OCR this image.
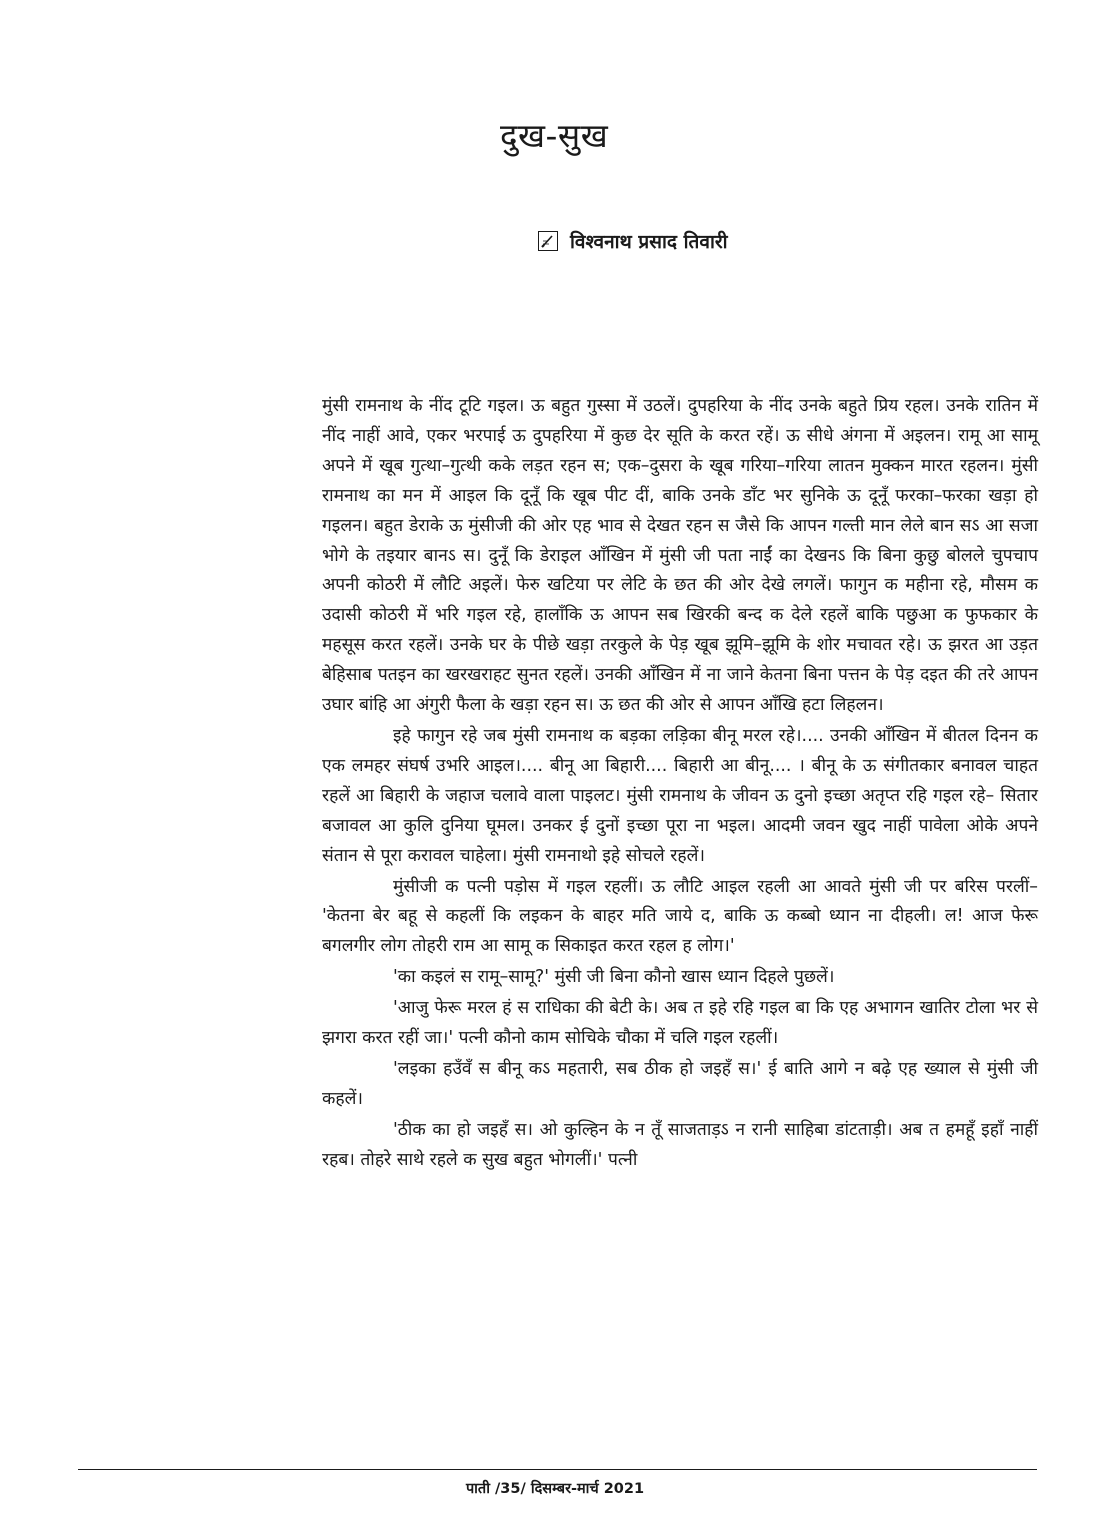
दुख-सुख
विश्वनाथ प्रसाद तिवारी

मुंसी रामनाथ के नींद टूटि गइल। ऊ बहुत गुस्सा में उठलें। दुपहरिया के नींद उनके बहुते प्रिय रहल। उनके रातिन में नींद नाहीं आवे, एकर भरपाई ऊ दुपहरिया में कुछ देर सूति के करत रहें। ऊ सीधे अंगना में अइलन। रामू आ सामू अपने में खूब गुत्था–गुत्थी कके लड़त रहन स; एक–दुसरा के खूब गरिया–गरिया लातन मुक्कन मारत रहलन। मुंसी रामनाथ का मन में आइल कि दूनूँ कि खूब पीट दीं, बाकि उनके डाँट भर सुनिके ऊ दूनूँ फरका–फरका खड़ा हो गइलन। बहुत डेराके ऊ मुंसीजी की ओर एह भाव से देखत रहन स जैसे कि आपन गल्ती मान लेले बान सऽ आ सजा भोगे के तइयार बानऽ स। दुनूँ कि डेराइल आँखिन में मुंसी जी पता नाईं का देखनऽ कि बिना कुछु बोलले चुपचाप अपनी कोठरी में लौटि अइलें। फेरु खटिया पर लेटि के छत की ओर देखे लगलें। फागुन क महीना रहे, मौसम क उदासी कोठरी में भरि गइल रहे, हालाँकि ऊ आपन सब खिरकी बन्द क देले रहलें बाकि पछुआ क फुफकार के महसूस करत रहलें। उनके घर के पीछे खड़ा तरकुले के पेड़ खूब झूमि–झूमि के शोर मचावत रहे। ऊ झरत आ उड़त बेहिसाब पतइन का खरखराहट सुनत रहलें। उनकी आँखिन में ना जाने केतना बिना पत्तन के पेड़ दइत की तरे आपन उघार बांहि आ अंगुरी फैला के खड़ा रहन स। ऊ छत की ओर से आपन आँखि हटा लिहलन।

इहे फागुन रहे जब मुंसी रामनाथ क बड़का लड़िका बीनू मरल रहे।.... उनकी आँखिन में बीतल दिनन क एक लमहर संघर्ष उभरि आइल।.... बीनू आ बिहारी.... बिहारी आ बीनू.... । बीनू के ऊ संगीतकार बनावल चाहत रहलें आ बिहारी के जहाज चलावे वाला पाइलट। मुंसी रामनाथ के जीवन ऊ दुनो इच्छा अतृप्त रहि गइल रहे– सितार बजावल आ कुलि दुनिया घूमल। उनकर ई दुनों इच्छा पूरा ना भइल। आदमी जवन खुद नाहीं पावेला ओके अपने संतान से पूरा करावल चाहेला। मुंसी रामनाथो इहे सोचले रहलें।

मुंसीजी क पत्नी पड़ोस में गइल रहलीं। ऊ लौटि आइल रहली आ आवते मुंसी जी पर बरिस परलीं– 'केतना बेर बहू से कहलीं कि लइकन के बाहर मति जाये द, बाकि ऊ कब्बो ध्यान ना दीहली। ल! आज फेरू बगलगीर लोग तोहरी राम आ सामू क सिकाइत करत रहल ह लोग।'

'का कइलं स रामू–सामू?' मुंसी जी बिना कौनो खास ध्यान दिहले पुछलें।

'आजु फेरू मरल हं स राधिका की बेटी के। अब त इहे रहि गइल बा कि एह अभागन खातिर टोला भर से झगरा करत रहीं जा।' पत्नी कौनो काम सोचिके चौका में चलि गइल रहलीं।

'लइका हउँवँ स बीनू कऽ महतारी, सब ठीक हो जइहँ स।' ई बाति आगे न बढ़े एह ख्याल से मुंसी जी कहलें।

'ठीक का हो जइहँ स। ओ कुल्हिन के न तूँ साजताड़ऽ न रानी साहिबा डांटताड़ी। अब त हमहूँ इहाँ नाहीं रहब। तोहरे साथे रहले क सुख बहुत भोगलीं।' पत्नी

पाती /35/ दिसम्बर-मार्च 2021
